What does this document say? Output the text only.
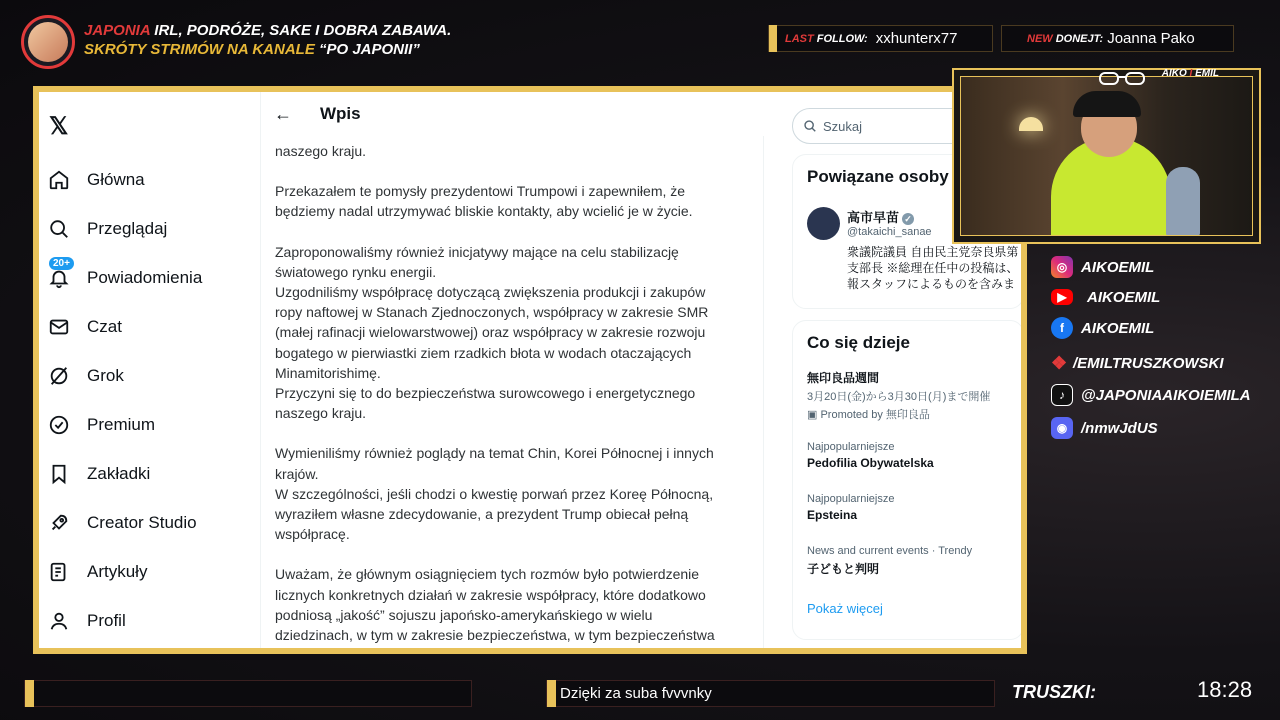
JAPONIA IRL, PODRÓŻE, SAKE I DOBRA ZABAWA.
SKRÓTY STRIMÓW NA KANALE “PO JAPONII”
LAST FOLLOW: xxhunterx77	NEW DONEJT: Joanna Pako
𝕏
Główna
Przeglądaj
20+
Powiadomienia
Czat
Grok
Premium
Zakładki
Creator Studio
Artykuły
Profil

naszego kraju.

Przekazałem te pomysły prezydentowi Trumpowi i zapewniłem, że
będziemy nadal utrzymywać bliskie kontakty, aby wcielić je w życie.

Zaproponowaliśmy również inicjatywy mające na celu stabilizację
światowego rynku energii.
Uzgodniliśmy współpracę dotyczącą zwiększenia produkcji i zakupów
ropy naftowej w Stanach Zjednoczonych, współpracy w zakresie SMR
(małej rafinacji wielowarstwowej) oraz współpracy w zakresie rozwoju
bogatego w pierwiastki ziem rzadkich błota w wodach otaczających
Minamitorishimę.
Przyczyni się to do bezpieczeństwa surowcowego i energetycznego
naszego kraju.

Wymieniliśmy również poglądy na temat Chin, Korei Północnej i innych
krajów.
W szczególności, jeśli chodzi o kwestię porwań przez Koreę Północną,
wyraziłem własne zdecydowanie, a prezydent Trump obiecał pełną
współpracę.

Uważam, że głównym osiągnięciem tych rozmów było potwierdzenie
licznych konkretnych działań w zakresie współpracy, które dodatkowo
podniosą „jakość” sojuszu japońsko-amerykańskiego w wielu
dziedzinach, w tym w zakresie bezpieczeństwa, w tym bezpieczeństwa

← Wpis
Szukaj
Powiązane osoby
高市早苗 ✓
@takaichi_sanae
衆議院議員 自由民主党奈良県第
支部長 ※総理在任中の投稿は、
報スタッフによるものを含みま
Co się dzieje
無印良品週間
3月20日(金)から3月30日(月)まで開催
▣ Promoted by 無印良品
Najpopularniejsze
Pedofilia Obywatelska
Najpopularniejsze
Epsteina
News and current events · Trendy
子どもと判明
Pokaż więcej
AIKO I EMIL
◎ AIKOEMIL
▶	AIKOEMIL
f	AIKOEMIL
❖ /EMILTRUSZKOWSKI
♪	@JAPONIAAIKOIEMILA
◉ /nmwJdUS
Dzięki za suba fvvvnky	TRUSZKI:	18:28
